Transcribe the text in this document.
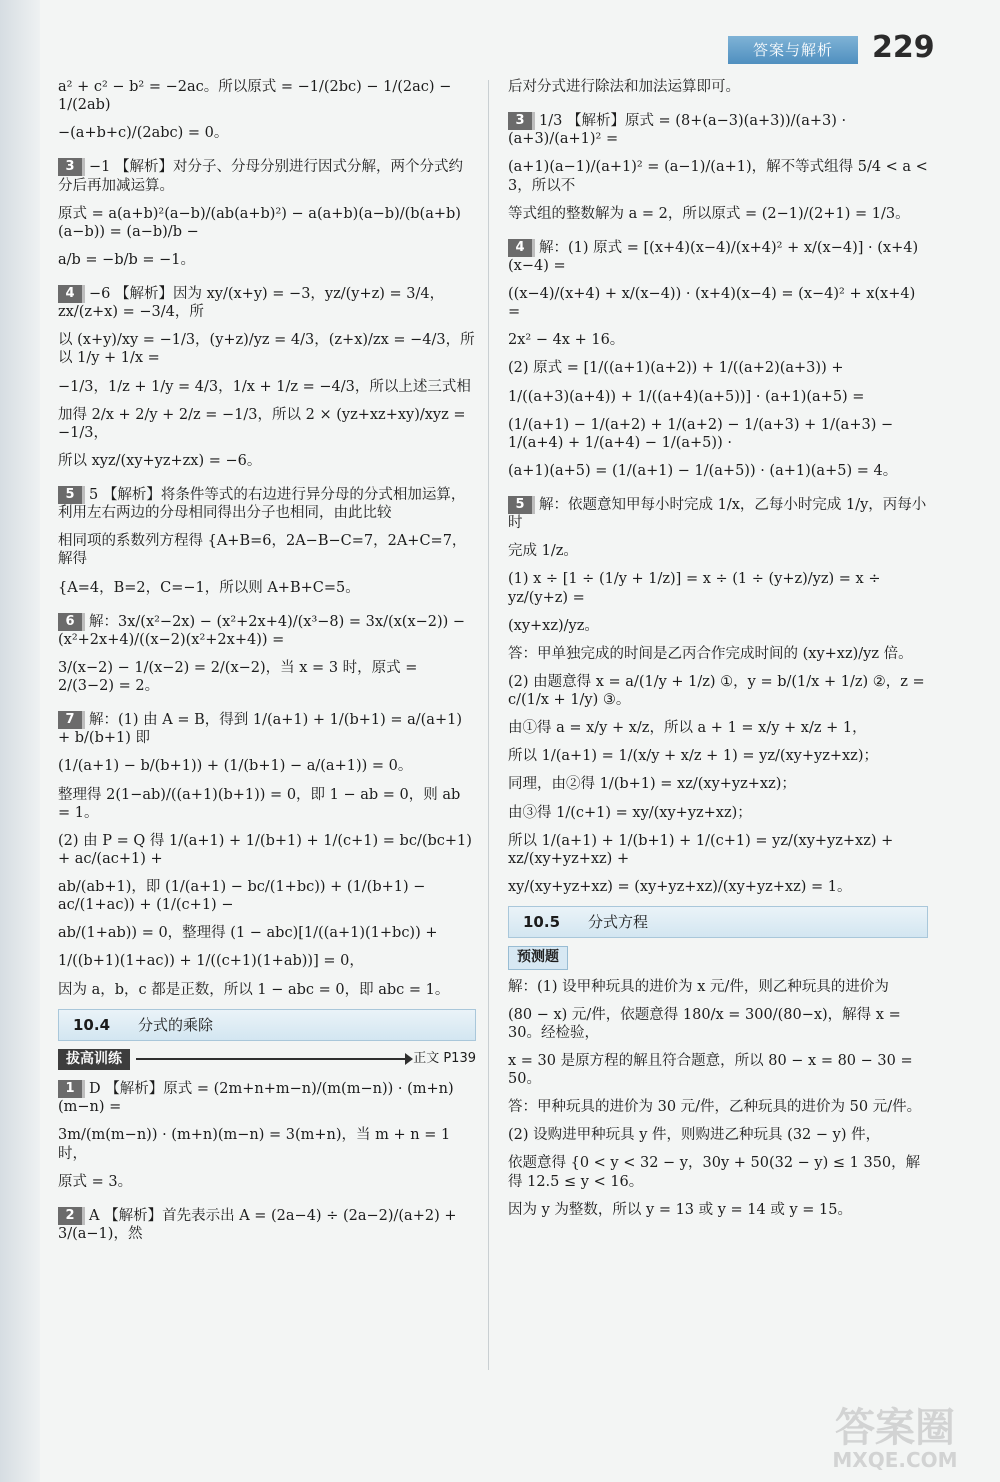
答案与解析	229
a² + c² − b² = −2ac。所以原式 = −1/(2bc) − 1/(2ac) − 1/(2ab)
−(a+b+c)/(2abc) = 0。
3 −1 【解析】对分子、分母分别进行因式分解，两个分式约分后再加减运算。
原式 = a(a+b)²(a−b)/(ab(a+b)²) − a(a+b)(a−b)/(b(a+b)(a−b)) = (a−b)/b −
a/b = −b/b = −1。
4 −6 【解析】因为 xy/(x+y) = −3，yz/(y+z) = 3/4，zx/(z+x) = −3/4，所
以 (x+y)/xy = −1/3，(y+z)/yz = 4/3，(z+x)/zx = −4/3，所以 1/y + 1/x =
−1/3，1/z + 1/y = 4/3，1/x + 1/z = −4/3，所以上述三式相
加得 2/x + 2/y + 2/z = −1/3，所以 2 × (yz+xz+xy)/xyz = −1/3，
所以 xyz/(xy+yz+zx) = −6。
5 5 【解析】将条件等式的右边进行异分母的分式相加运算，利用左右两边的分母相同得出分子也相同，由此比较
相同项的系数列方程得 {A+B=6，2A−B−C=7，2A+C=7，解得
{A=4，B=2，C=−1，所以则 A+B+C=5。
6 解：3x/(x²−2x) − (x²+2x+4)/(x³−8) = 3x/(x(x−2)) − (x²+2x+4)/((x−2)(x²+2x+4)) =
3/(x−2) − 1/(x−2) = 2/(x−2)，当 x = 3 时，原式 = 2/(3−2) = 2。
7 解：(1) 由 A = B，得到 1/(a+1) + 1/(b+1) = a/(a+1) + b/(b+1) 即
(1/(a+1) − b/(b+1)) + (1/(b+1) − a/(a+1)) = 0。
整理得 2(1−ab)/((a+1)(b+1)) = 0，即 1 − ab = 0，则 ab = 1。
(2) 由 P = Q 得 1/(a+1) + 1/(b+1) + 1/(c+1) = bc/(bc+1) + ac/(ac+1) +
ab/(ab+1)，即 (1/(a+1) − bc/(1+bc)) + (1/(b+1) − ac/(1+ac)) + (1/(c+1) −
ab/(1+ab)) = 0，整理得 (1 − abc)[1/((a+1)(1+bc)) +
1/((b+1)(1+ac)) + 1/((c+1)(1+ab))] = 0，
因为 a，b，c 都是正数，所以 1 − abc = 0，即 abc = 1。
10.4 分式的乘除
拔高训练	正文 P139
1 D 【解析】原式 = (2m+n+m−n)/(m(m−n)) · (m+n)(m−n) =
3m/(m(m−n)) · (m+n)(m−n) = 3(m+n)，当 m + n = 1 时，
原式 = 3。
2 A 【解析】首先表示出 A = (2a−4) ÷ (2a−2)/(a+2) + 3/(a−1)，然
后对分式进行除法和加法运算即可。
3 1/3 【解析】原式 = (8+(a−3)(a+3))/(a+3) · (a+3)/(a+1)² =
(a+1)(a−1)/(a+1)² = (a−1)/(a+1)，解不等式组得 5/4 < a < 3，所以不
等式组的整数解为 a = 2，所以原式 = (2−1)/(2+1) = 1/3。
4 解：(1) 原式 = [(x+4)(x−4)/(x+4)² + x/(x−4)] · (x+4)(x−4) =
((x−4)/(x+4) + x/(x−4)) · (x+4)(x−4) = (x−4)² + x(x+4) =
2x² − 4x + 16。
(2) 原式 = [1/((a+1)(a+2)) + 1/((a+2)(a+3)) +
1/((a+3)(a+4)) + 1/((a+4)(a+5))] · (a+1)(a+5) =
(1/(a+1) − 1/(a+2) + 1/(a+2) − 1/(a+3) + 1/(a+3) − 1/(a+4) + 1/(a+4) − 1/(a+5)) ·
(a+1)(a+5) = (1/(a+1) − 1/(a+5)) · (a+1)(a+5) = 4。
5 解：依题意知甲每小时完成 1/x，乙每小时完成 1/y，丙每小时
完成 1/z。
(1) x ÷ [1 ÷ (1/y + 1/z)] = x ÷ (1 ÷ (y+z)/yz) = x ÷ yz/(y+z) =
(xy+xz)/yz。
答：甲单独完成的时间是乙丙合作完成时间的 (xy+xz)/yz 倍。
(2) 由题意得 x = a/(1/y + 1/z) ①，y = b/(1/x + 1/z) ②，z = c/(1/x + 1/y) ③。
由①得 a = x/y + x/z，所以 a + 1 = x/y + x/z + 1，
所以 1/(a+1) = 1/(x/y + x/z + 1) = yz/(xy+yz+xz)；
同理，由②得 1/(b+1) = xz/(xy+yz+xz)；
由③得 1/(c+1) = xy/(xy+yz+xz)；
所以 1/(a+1) + 1/(b+1) + 1/(c+1) = yz/(xy+yz+xz) + xz/(xy+yz+xz) +
xy/(xy+yz+xz) = (xy+yz+xz)/(xy+yz+xz) = 1。
10.5 分式方程
预测题
解：(1) 设甲种玩具的进价为 x 元/件，则乙种玩具的进价为
(80 − x) 元/件，依题意得 180/x = 300/(80−x)，解得 x = 30。经检验，
x = 30 是原方程的解且符合题意，所以 80 − x = 80 − 30 = 50。
答：甲种玩具的进价为 30 元/件，乙种玩具的进价为 50 元/件。
(2) 设购进甲种玩具 y 件，则购进乙种玩具 (32 − y) 件，
依题意得 {0 < y < 32 − y，30y + 50(32 − y) ≤ 1 350，解得 12.5 ≤ y < 16。
因为 y 为整数，所以 y = 13 或 y = 14 或 y = 15。
答案圈
MXQE.COM
